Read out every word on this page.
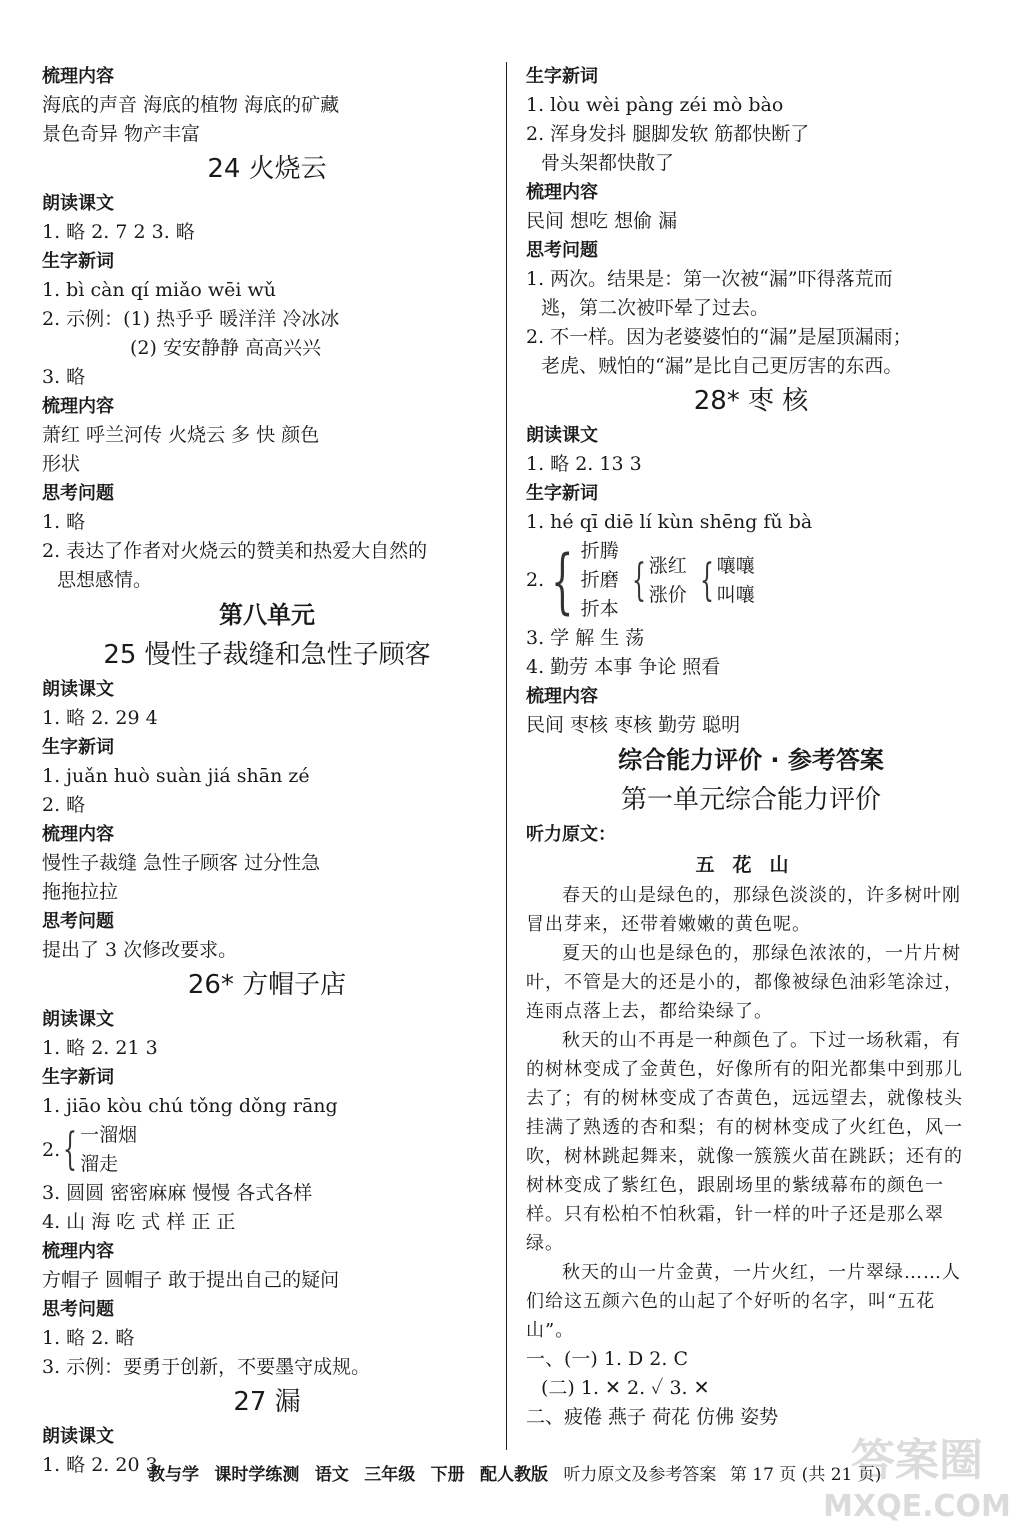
梳理内容
海底的声音 海底的植物 海底的矿藏
景色奇异 物产丰富
24 火烧云
朗读课文
1. 略 2. 7 2 3. 略
生字新词
1. bì càn qí miǎo wēi wǔ
2. 示例：(1) 热乎乎 暖洋洋 冷冰冰
(2) 安安静静 高高兴兴
3. 略
梳理内容
萧红 呼兰河传 火烧云 多 快 颜色
形状
思考问题
1. 略
2. 表达了作者对火烧云的赞美和热爱大自然的
思想感情。
第八单元
25 慢性子裁缝和急性子顾客
朗读课文
1. 略 2. 29 4
生字新词
1. juǎn huò suàn jiá shān zé
2. 略
梳理内容
慢性子裁缝 急性子顾客 过分性急
拖拖拉拉
思考问题
提出了 3 次修改要求。
26* 方帽子店
朗读课文
1. 略 2. 21 3
生字新词
1. jiāo kòu chú tǒng dǒng rāng
2. { 一溜烟
溜走
3. 圆圆 密密麻麻 慢慢 各式各样
4. 山 海 吃 式 样 正 正
梳理内容
方帽子 圆帽子 敢于提出自己的疑问
思考问题
1. 略 2. 略
3. 示例：要勇于创新，不要墨守成规。
27 漏
朗读课文
1. 略 2. 20 3
生字新词
1. lòu wèi pàng zéi mò bào
2. 浑身发抖 腿脚发软 筋都快断了
骨头架都快散了
梳理内容
民间 想吃 想偷 漏
思考问题
1. 两次。结果是：第一次被“漏”吓得落荒而
逃，第二次被吓晕了过去。
2. 不一样。因为老婆婆怕的“漏”是屋顶漏雨；
老虎、贼怕的“漏”是比自己更厉害的东西。
28* 枣 核
朗读课文
1. 略 2. 13 3
生字新词
1. hé qī diē lí kùn shēng fǔ bà
2. { 折腾
折磨
折本
{ 涨红
涨价 { 嚷嚷
叫嚷
3. 学 解 生 荡
4. 勤劳 本事 争论 照看
梳理内容
民间 枣核 枣核 勤劳 聪明
综合能力评价 · 参考答案
第一单元综合能力评价
听力原文：
五花山
春天的山是绿色的，那绿色淡淡的，许多树叶刚冒出芽来，还带着嫩嫩的黄色呢。
夏天的山也是绿色的，那绿色浓浓的，一片片树叶，不管是大的还是小的，都像被绿色油彩笔涂过，连雨点落上去，都给染绿了。
秋天的山不再是一种颜色了。下过一场秋霜，有的树林变成了金黄色，好像所有的阳光都集中到那儿去了；有的树林变成了杏黄色，远远望去，就像枝头挂满了熟透的杏和梨；有的树林变成了火红色，风一吹，树林跳起舞来，就像一簇簇火苗在跳跃；还有的树林变成了紫红色，跟剧场里的紫绒幕布的颜色一样。只有松柏不怕秋霜，针一样的叶子还是那么翠绿。
秋天的山一片金黄，一片火红，一片翠绿……人们给这五颜六色的山起了个好听的名字，叫“五花山”。
一、(一) 1. D 2. C
(二) 1. ✕ 2. ✓ 3. ✕
二、疲倦 燕子 荷花 仿佛 姿势
教与学 课时学练测 语文 三年级 下册 配人教版 听力原文及参考答案 第 17 页 (共 21 页)
答案圈
MXQE.COM
